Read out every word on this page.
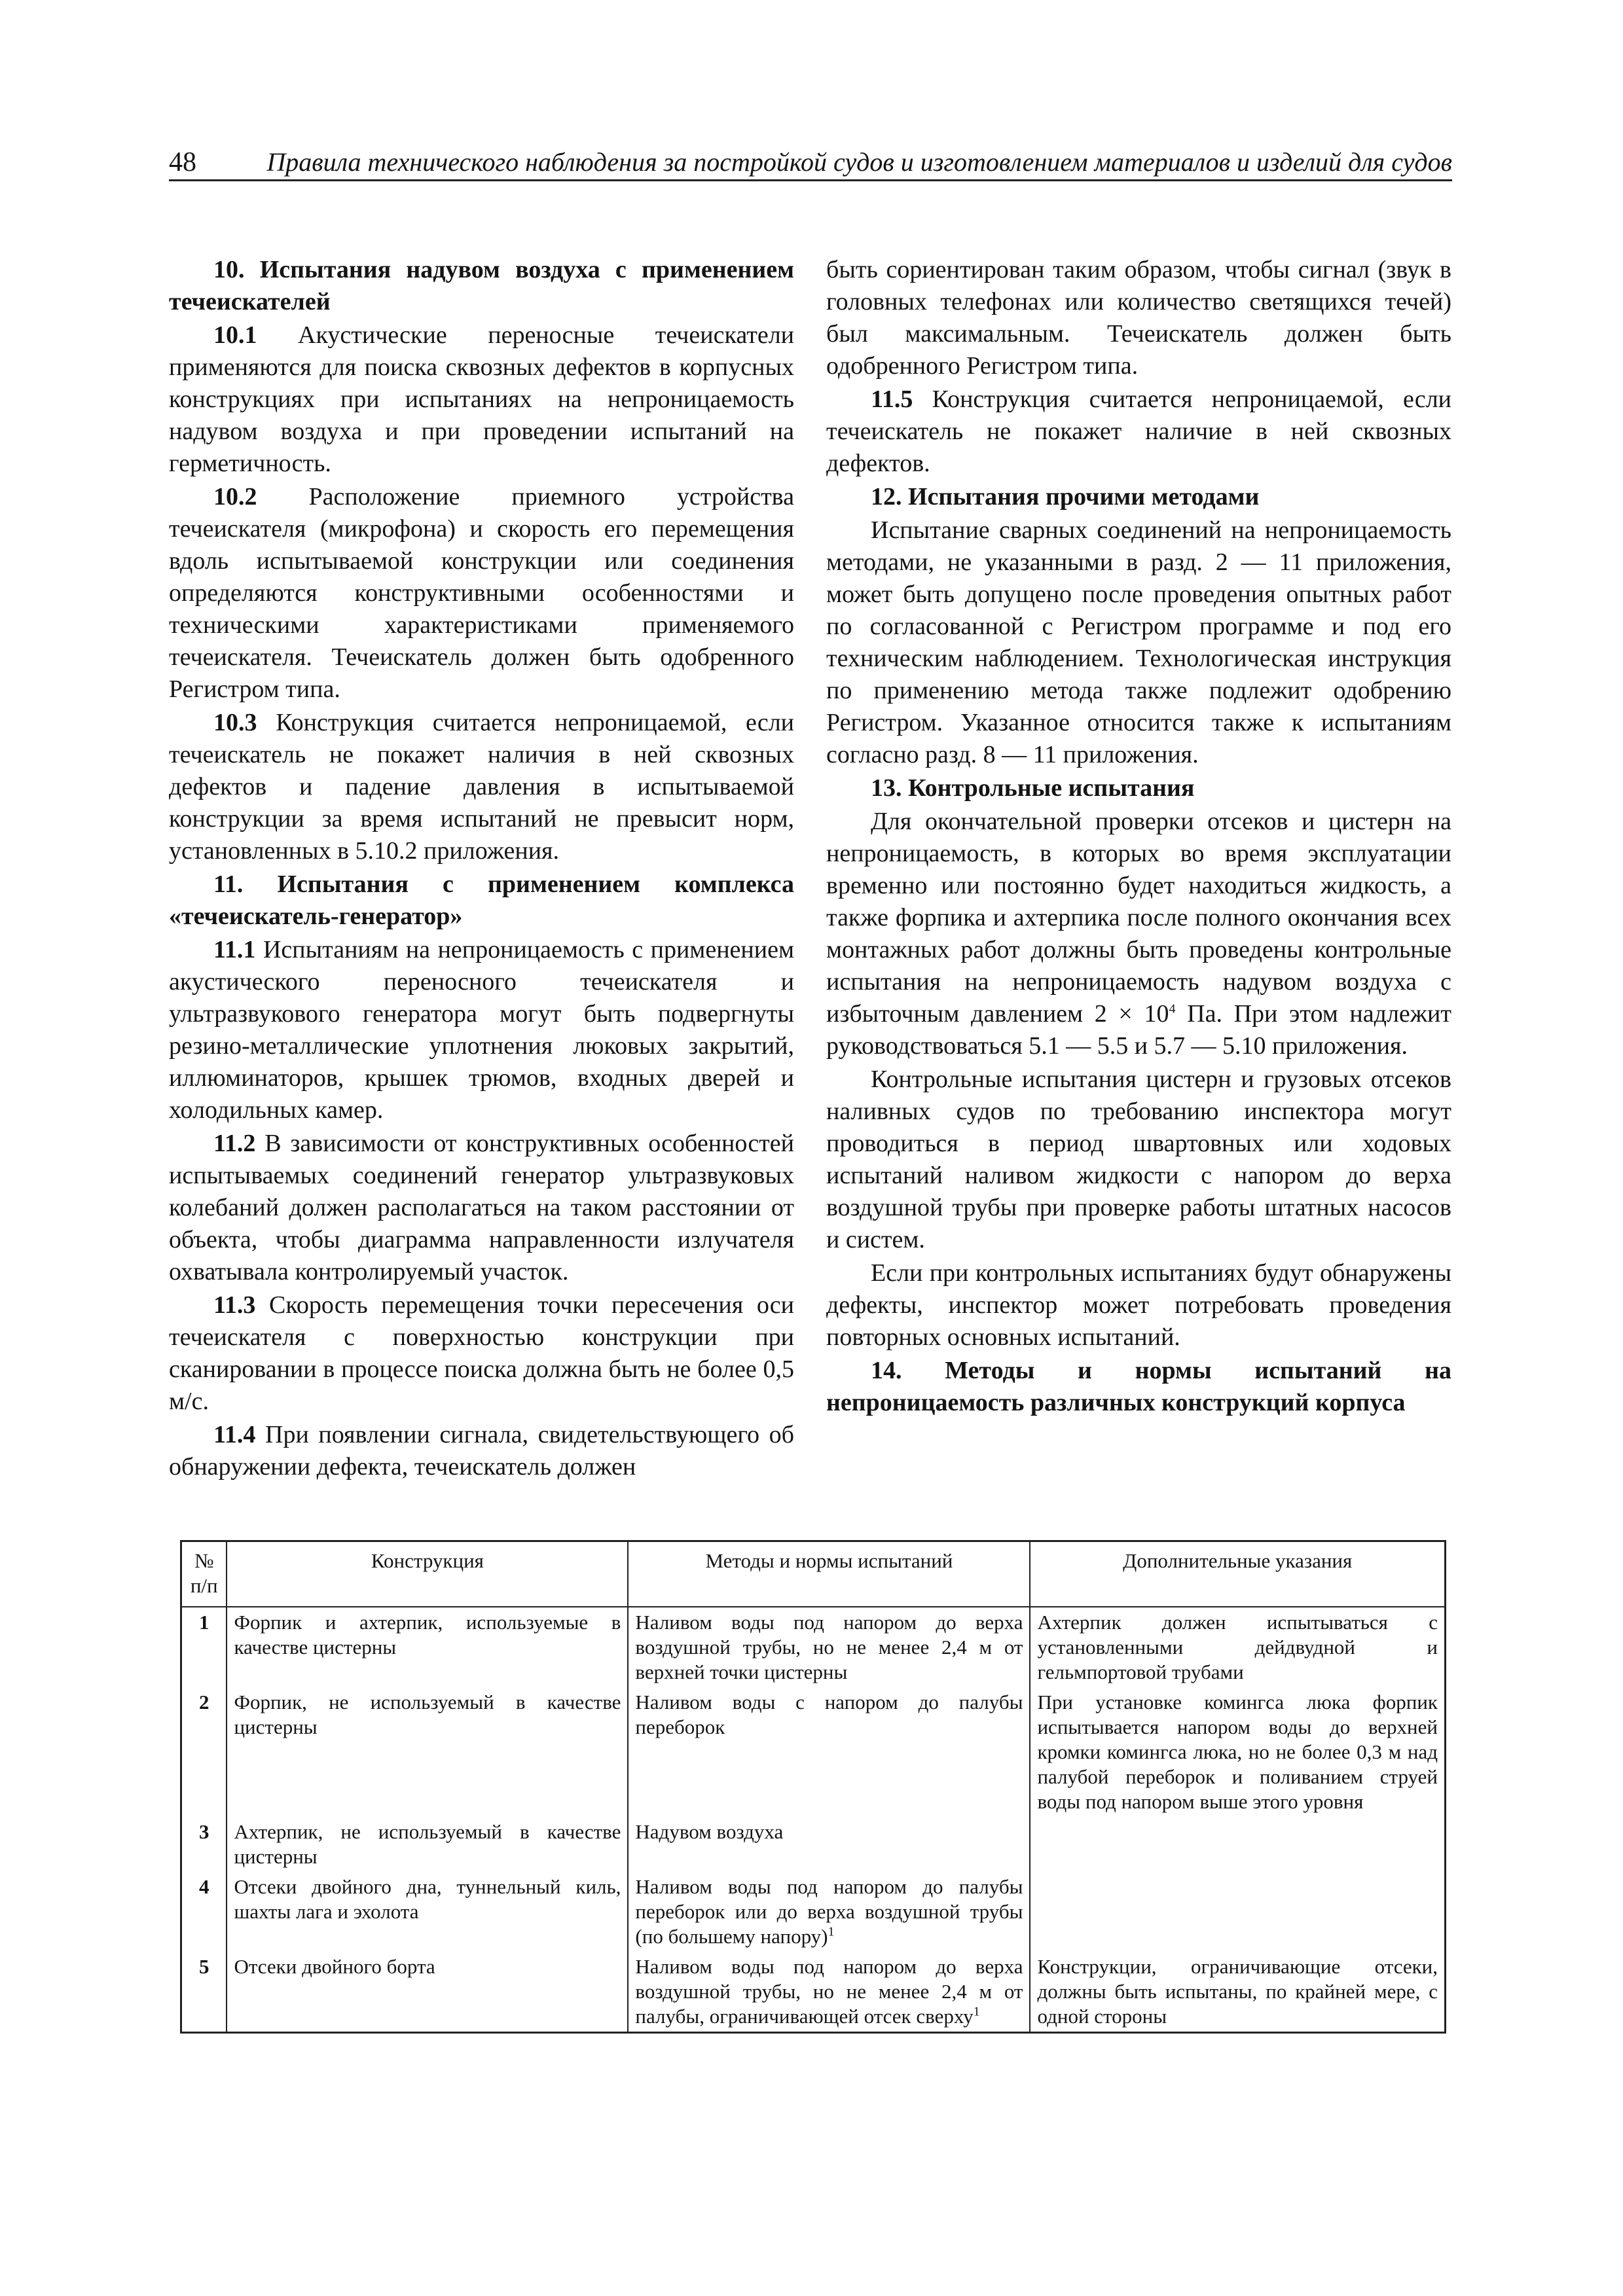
48	Правила технического наблюдения за постройкой судов и изготовлением материалов и изделий для судов
10. Испытания надувом воздуха с применением течеискателей

10.1 Акустические переносные течеискатели применяются для поиска сквозных дефектов в корпусных конструкциях при испытаниях на непроницаемость надувом воздуха и при проведении испытаний на герметичность.

10.2 Расположение приемного устройства течеискателя (микрофона) и скорость его перемещения вдоль испытываемой конструкции или соединения определяются конструктивными особенностями и техническими характеристиками применяемого течеискателя. Течеискатель должен быть одобренного Регистром типа.

10.3 Конструкция считается непроницаемой, если течеискатель не покажет наличия в ней сквозных дефектов и падение давления в испытываемой конструкции за время испытаний не превысит норм, установленных в 5.10.2 приложения.

11. Испытания с применением комплекса «течеискатель-генератор»

11.1 Испытаниям на непроницаемость с применением акустического переносного течеискателя и ультразвукового генератора могут быть подвергнуты резино-металлические уплотнения люковых закрытий, иллюминаторов, крышек трюмов, входных дверей и холодильных камер.

11.2 В зависимости от конструктивных особенностей испытываемых соединений генератор ультразвуковых колебаний должен располагаться на таком расстоянии от объекта, чтобы диаграмма направленности излучателя охватывала контролируемый участок.

11.3 Скорость перемещения точки пересечения оси течеискателя с поверхностью конструкции при сканировании в процессе поиска должна быть не более 0,5 м/с.

11.4 При появлении сигнала, свидетельствующего об обнаружении дефекта, течеискатель должен

быть сориентирован таким образом, чтобы сигнал (звук в головных телефонах или количество светящихся течей) был максимальным. Течеискатель должен быть одобренного Регистром типа.

11.5 Конструкция считается непроницаемой, если течеискатель не покажет наличие в ней сквозных дефектов.

12. Испытания прочими методами

Испытание сварных соединений на непроницаемость методами, не указанными в разд. 2 — 11 приложения, может быть допущено после проведения опытных работ по согласованной с Регистром программе и под его техническим наблюдением. Технологическая инструкция по применению метода также подлежит одобрению Регистром. Указанное относится также к испытаниям согласно разд. 8 — 11 приложения.

13. Контрольные испытания

Для окончательной проверки отсеков и цистерн на непроницаемость, в которых во время эксплуатации временно или постоянно будет находиться жидкость, а также форпика и ахтерпика после полного окончания всех монтажных работ должны быть проведены контрольные испытания на непроницаемость надувом воздуха с избыточным давлением $2 \times 10^4$ Па. При этом надлежит руководствоваться 5.1 — 5.5 и 5.7 — 5.10 приложения.

Контрольные испытания цистерн и грузовых отсеков наливных судов по требованию инспектора могут проводиться в период швартовных или ходовых испытаний наливом жидкости с напором до верха воздушной трубы при проверке работы штатных насосов и систем.

Если при контрольных испытаниях будут обнаружены дефекты, инспектор может потребовать проведения повторных основных испытаний.

14. Методы и нормы испытаний на непроницаемость различных конструкций корпуса
№ п/п	Конструкция	Методы и нормы испытаний	Дополнительные указания
1	Форпик и ахтерпик, используемые в качестве цистерны	Наливом воды под напором до верха воздушной трубы, но не менее 2,4 м от верхней точки цистерны	Ахтерпик должен испытываться с установленными дейдвудной и гельмпортовой трубами
2	Форпик, не используемый в качестве цистерны	Наливом воды с напором до палубы переборок	При установке комингса люка форпик испытывается напором воды до верхней кромки комингса люка, но не более 0,3 м над палубой переборок и поливанием струей воды под напором выше этого уровня
3	Ахтерпик, не используемый в качестве цистерны	Надувом воздуха	
4	Отсеки двойного дна, туннельный киль, шахты лага и эхолота	Наливом воды под напором до палубы переборок или до верха воздушной трубы (по большему напору)$^1$	
5	Отсеки двойного борта	Наливом воды под напором до верха воздушной трубы, но не менее 2,4 м от палубы, ограничивающей отсек сверху$^1$	Конструкции, ограничивающие отсеки, должны быть испытаны, по крайней мере, с одной стороны
